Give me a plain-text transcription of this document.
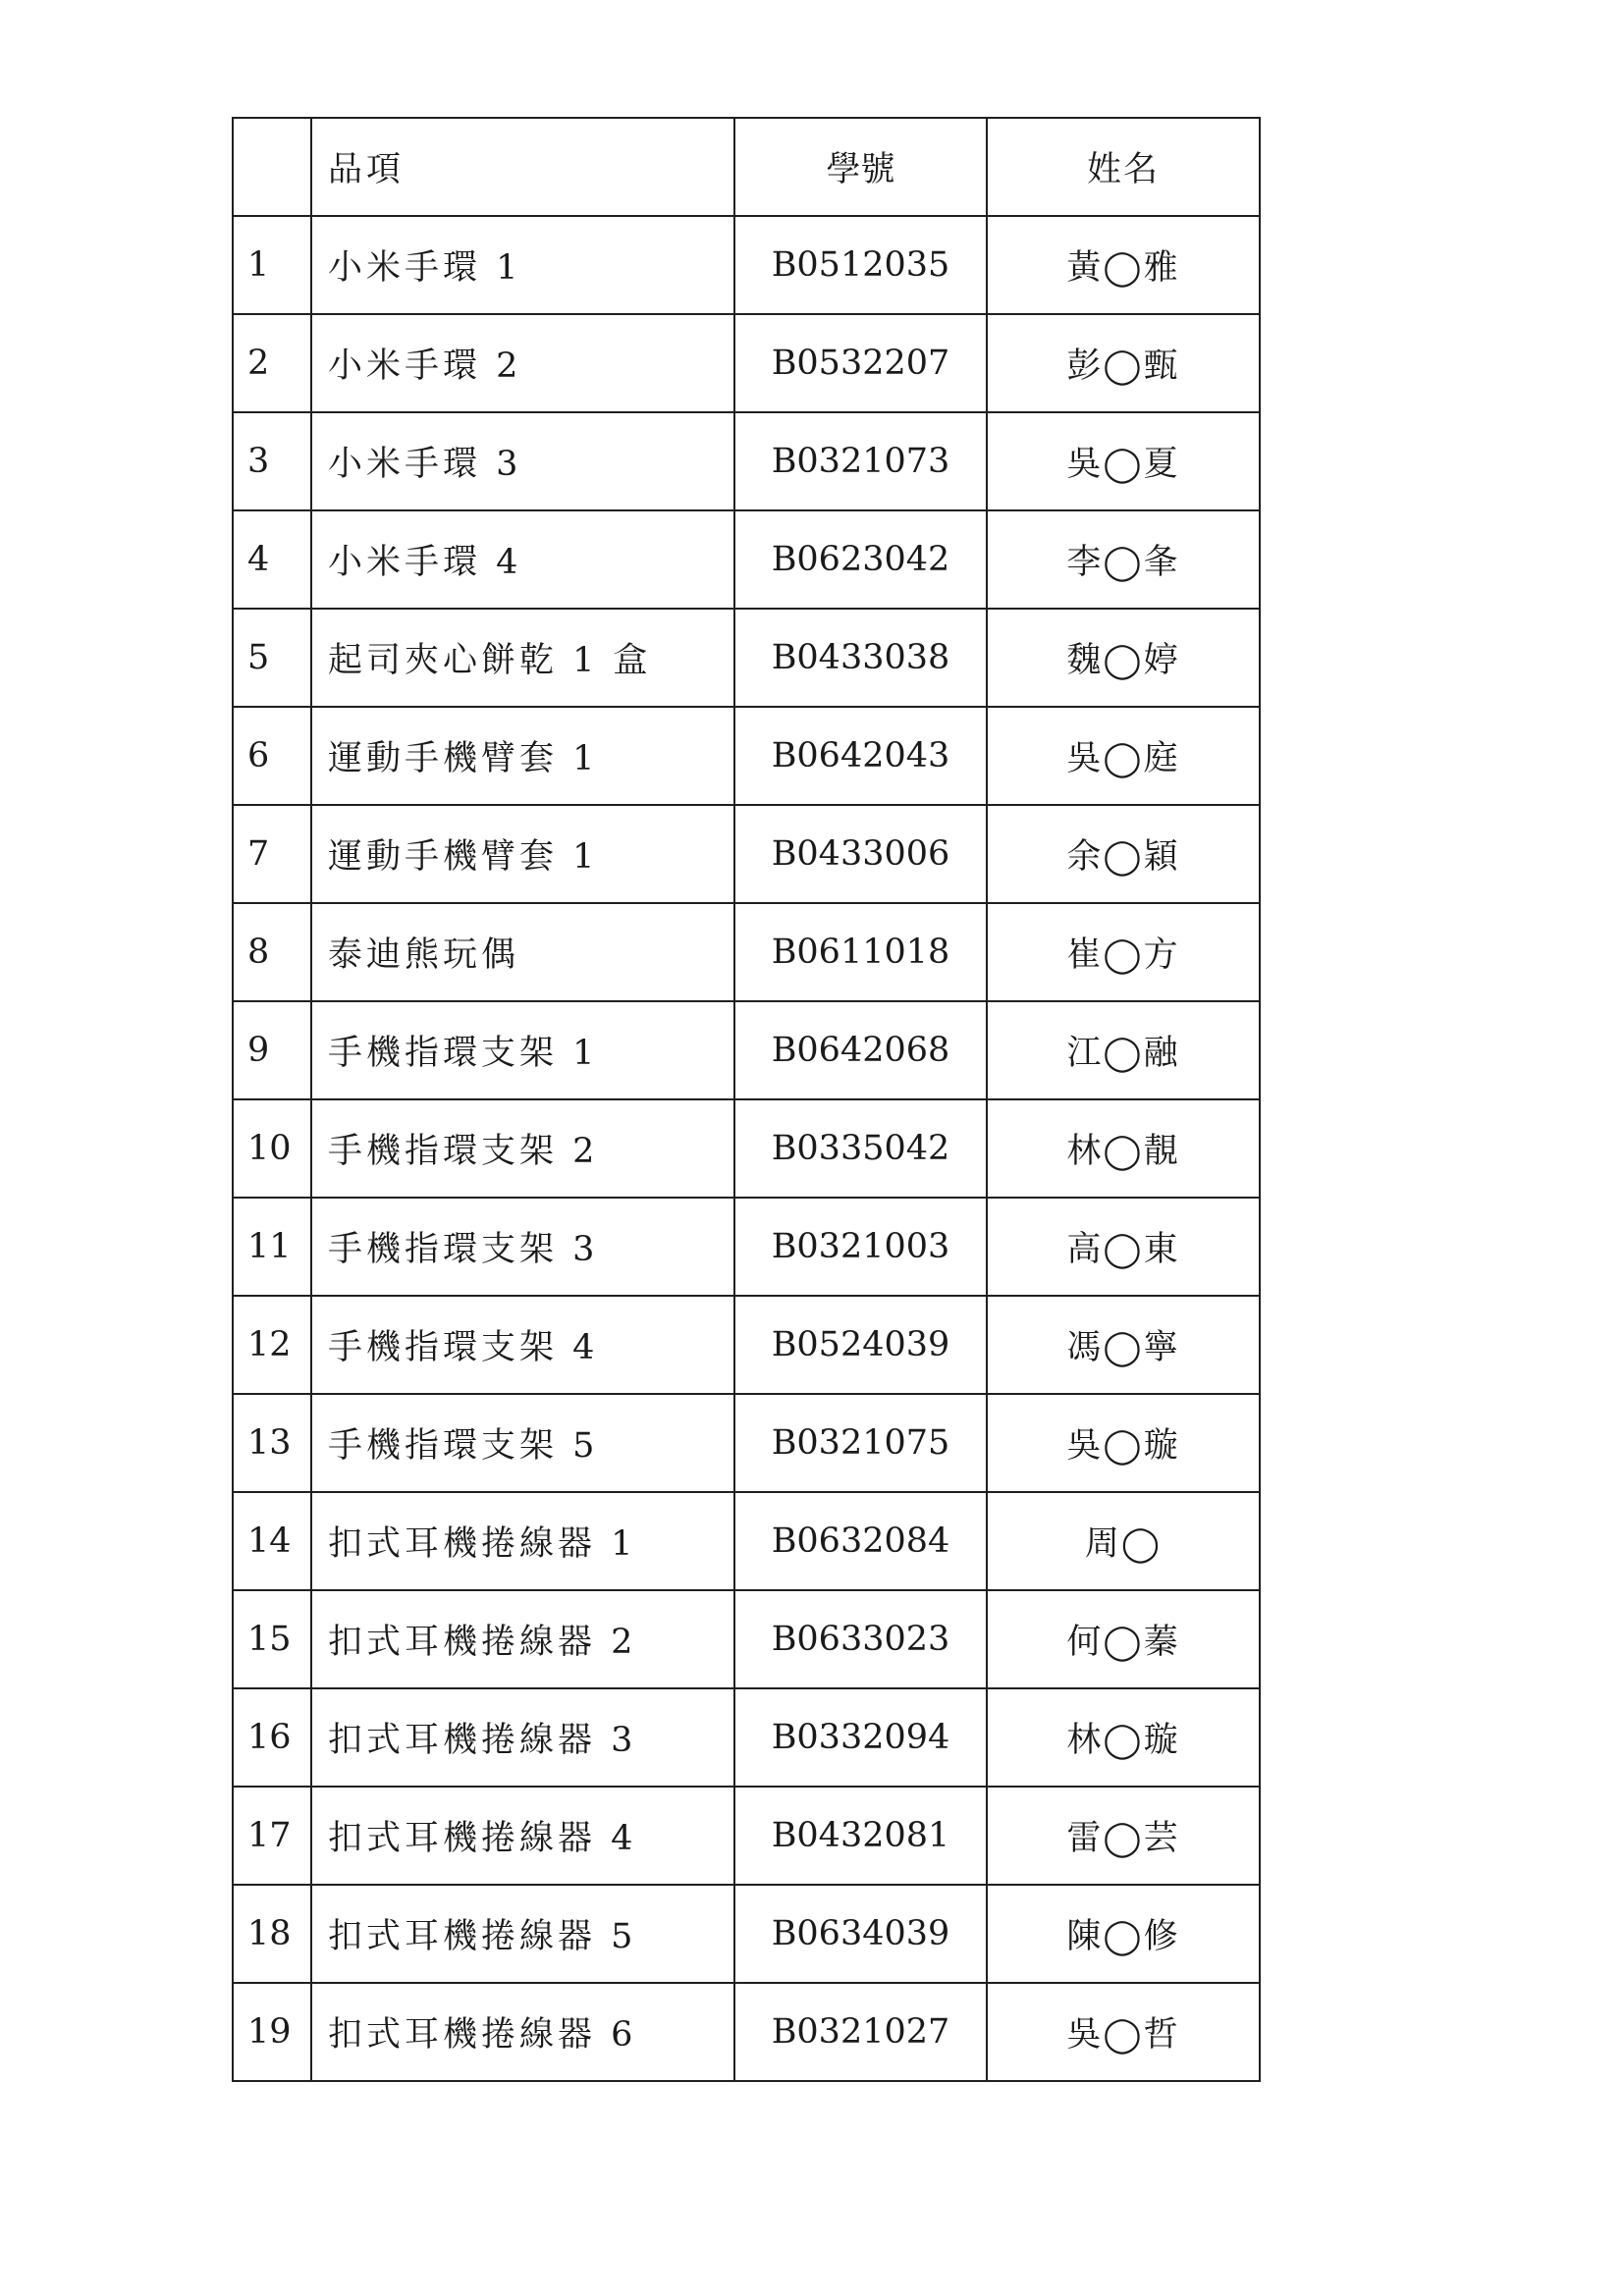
	品項	學號	姓名
1	小米手環 1	B0512035	黃◯雅
2	小米手環 2	B0532207	彭◯甄
3	小米手環 3	B0321073	吳◯夏
4	小米手環 4	B0623042	李◯夆
5	起司夾心餅乾 1 盒	B0433038	魏◯婷
6	運動手機臂套 1	B0642043	吳◯庭
7	運動手機臂套 1	B0433006	余◯穎
8	泰迪熊玩偶	B0611018	崔◯方
9	手機指環支架 1	B0642068	江◯融
10	手機指環支架 2	B0335042	林◯靚
11	手機指環支架 3	B0321003	高◯東
12	手機指環支架 4	B0524039	馮◯寧
13	手機指環支架 5	B0321075	吳◯璇
14	扣式耳機捲線器 1	B0632084	周◯
15	扣式耳機捲線器 2	B0633023	何◯蓁
16	扣式耳機捲線器 3	B0332094	林◯璇
17	扣式耳機捲線器 4	B0432081	雷◯芸
18	扣式耳機捲線器 5	B0634039	陳◯修
19	扣式耳機捲線器 6	B0321027	吳◯哲
